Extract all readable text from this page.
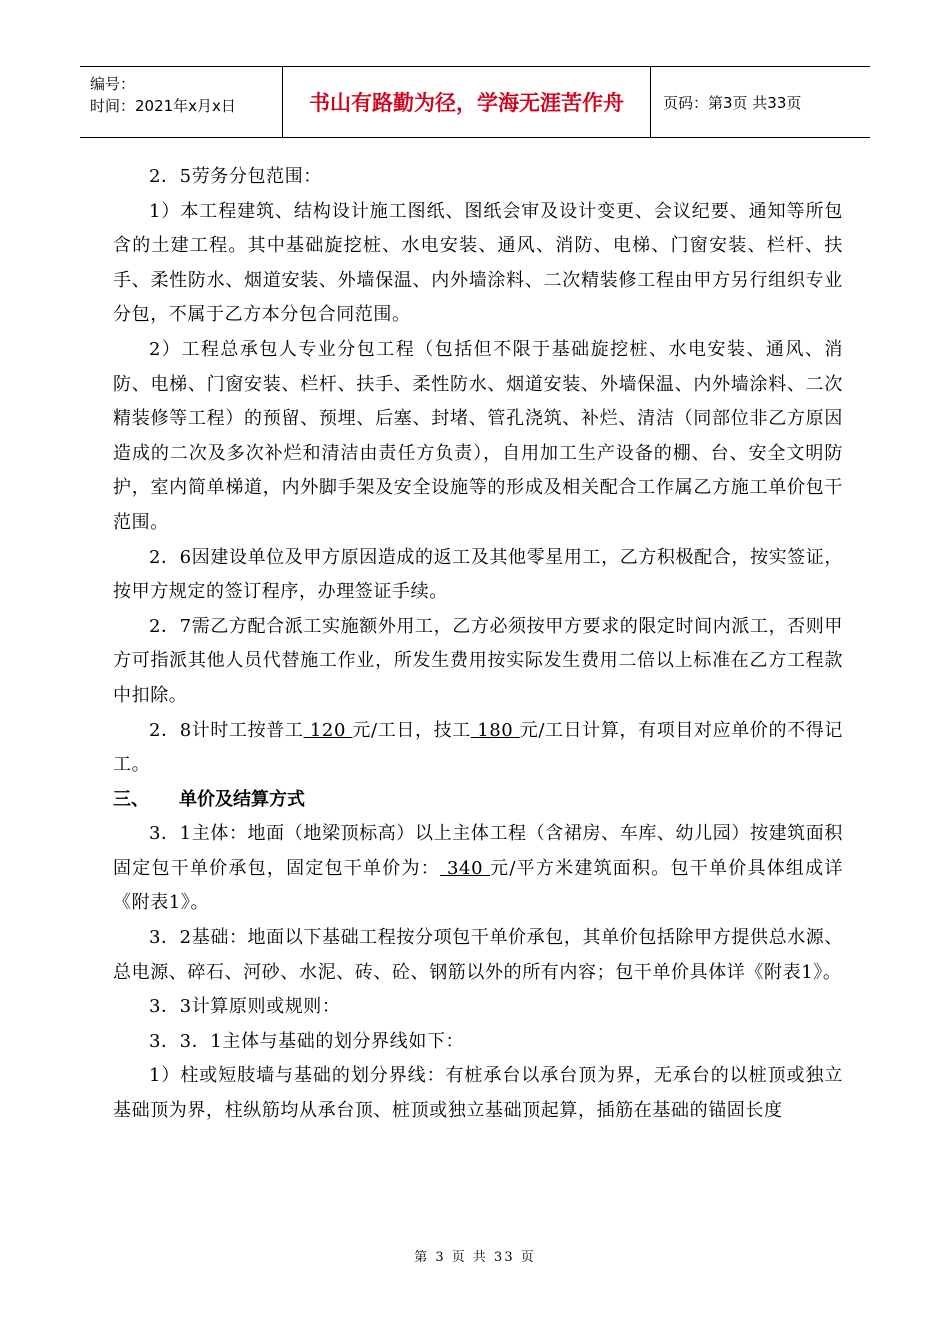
编号：
时间：2021年x月x日	书山有路勤为径，学海无涯苦作舟	页码：第3页 共33页

2．5劳务分包范围：

1）本工程建筑、结构设计施工图纸、图纸会审及设计变更、会议纪要、通知等所包含的土建工程。其中基础旋挖桩、水电安装、通风、消防、电梯、门窗安装、栏杆、扶手、柔性防水、烟道安装、外墙保温、内外墙涂料、二次精装修工程由甲方另行组织专业分包，不属于乙方本分包合同范围。

2）工程总承包人专业分包工程（包括但不限于基础旋挖桩、水电安装、通风、消防、电梯、门窗安装、栏杆、扶手、柔性防水、烟道安装、外墙保温、内外墙涂料、二次精装修等工程）的预留、预埋、后塞、封堵、管孔浇筑、补烂、清洁（同部位非乙方原因造成的二次及多次补烂和清洁由责任方负责），自用加工生产设备的棚、台、安全文明防护，室内简单梯道，内外脚手架及安全设施等的形成及相关配合工作属乙方施工单价包干范围。

2．6因建设单位及甲方原因造成的返工及其他零星用工，乙方积极配合，按实签证，按甲方规定的签订程序，办理签证手续。

2．7需乙方配合派工实施额外用工，乙方必须按甲方要求的限定时间内派工，否则甲方可指派其他人员代替施工作业，所发生费用按实际发生费用二倍以上标准在乙方工程款中扣除。

2．8计时工按普工 120 元/工日，技工 180 元/工日计算，有项目对应单价的不得记工。

三、 单价及结算方式

3．1主体：地面（地梁顶标高）以上主体工程（含裙房、车库、幼儿园）按建筑面积固定包干单价承包，固定包干单价为： 340 元/平方米建筑面积。包干单价具体组成详《附表1》。

3．2基础：地面以下基础工程按分项包干单价承包，其单价包括除甲方提供总水源、总电源、碎石、河砂、水泥、砖、砼、钢筋以外的所有内容；包干单价具体详《附表1》。

3．3计算原则或规则：

3．3．1主体与基础的划分界线如下：

1）柱或短肢墙与基础的划分界线：有桩承台以承台顶为界，无承台的以桩顶或独立基础顶为界，柱纵筋均从承台顶、桩顶或独立基础顶起算，插筋在基础的锚固长度

第 3 页 共 33 页
